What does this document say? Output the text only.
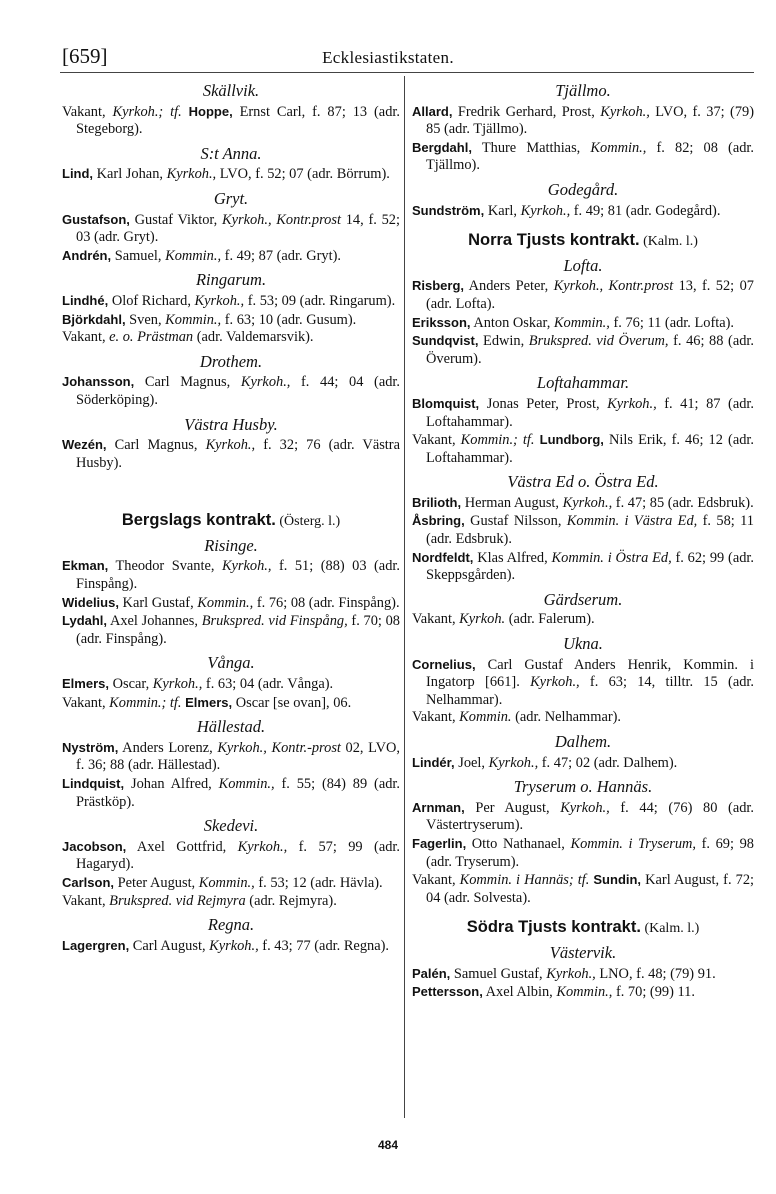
[659]	Ecklesiastikstaten.
Skällvik.

Vakant, Kyrkoh.; tf. Hoppe, Ernst Carl, f. 87; 13 (adr. Stegeborg).

S:t Anna.

Lind, Karl Johan, Kyrkoh., LVO, f. 52; 07 (adr. Börrum).

Gryt.

Gustafson, Gustaf Viktor, Kyrkoh., Kontr.prost 14, f. 52; 03 (adr. Gryt).

Andrén, Samuel, Kommin., f. 49; 87 (adr. Gryt).

Ringarum.

Lindhé, Olof Richard, Kyrkoh., f. 53; 09 (adr. Ringarum).

Björkdahl, Sven, Kommin., f. 63; 10 (adr. Gusum).

Vakant, e. o. Prästman (adr. Valdemarsvik).

Drothem.

Johansson, Carl Magnus, Kyrkoh., f. 44; 04 (adr. Söderköping).

Västra Husby.

Wezén, Carl Magnus, Kyrkoh., f. 32; 76 (adr. Västra Husby).

Bergslags kontrakt. (Österg. l.)
Risinge.

Ekman, Theodor Svante, Kyrkoh., f. 51; (88) 03 (adr. Finspång).

Widelius, Karl Gustaf, Kommin., f. 76; 08 (adr. Finspång).

Lydahl, Axel Johannes, Brukspred. vid Finspång, f. 70; 08 (adr. Finspång).

Vånga.

Elmers, Oscar, Kyrkoh., f. 63; 04 (adr. Vånga).

Vakant, Kommin.; tf. Elmers, Oscar [se ovan], 06.

Hällestad.

Nyström, Anders Lorenz, Kyrkoh., Kontr.-prost 02, LVO, f. 36; 88 (adr. Hällestad).

Lindquist, Johan Alfred, Kommin., f. 55; (84) 89 (adr. Prästköp).

Skedevi.

Jacobson, Axel Gottfrid, Kyrkoh., f. 57; 99 (adr. Hagaryd).

Carlson, Peter August, Kommin., f. 53; 12 (adr. Hävla).

Vakant, Brukspred. vid Rejmyra (adr. Rejmyra).

Regna.

Lagergren, Carl August, Kyrkoh., f. 43; 77 (adr. Regna).

Tjällmo.

Allard, Fredrik Gerhard, Prost, Kyrkoh., LVO, f. 37; (79) 85 (adr. Tjällmo).

Bergdahl, Thure Matthias, Kommin., f. 82; 08 (adr. Tjällmo).

Godegård.

Sundström, Karl, Kyrkoh., f. 49; 81 (adr. Godegård).

Norra Tjusts kontrakt. (Kalm. l.)
Lofta.

Risberg, Anders Peter, Kyrkoh., Kontr.prost 13, f. 52; 07 (adr. Lofta).

Eriksson, Anton Oskar, Kommin., f. 76; 11 (adr. Lofta).

Sundqvist, Edwin, Brukspred. vid Överum, f. 46; 88 (adr. Överum).

Loftahammar.

Blomquist, Jonas Peter, Prost, Kyrkoh., f. 41; 87 (adr. Loftahammar).

Vakant, Kommin.; tf. Lundborg, Nils Erik, f. 46; 12 (adr. Loftahammar).

Västra Ed o. Östra Ed.

Brilioth, Herman August, Kyrkoh., f. 47; 85 (adr. Edsbruk).

Åsbring, Gustaf Nilsson, Kommin. i Västra Ed, f. 58; 11 (adr. Edsbruk).

Nordfeldt, Klas Alfred, Kommin. i Östra Ed, f. 62; 99 (adr. Skeppsgården).

Gärdserum.

Vakant, Kyrkoh. (adr. Falerum).

Ukna.

Cornelius, Carl Gustaf Anders Henrik, Kommin. i Ingatorp [661]. Kyrkoh., f. 63; 14, tilltr. 15 (adr. Nelhammar).

Vakant, Kommin. (adr. Nelhammar).

Dalhem.

Lindér, Joel, Kyrkoh., f. 47; 02 (adr. Dalhem).

Tryserum o. Hannäs.

Arnman, Per August, Kyrkoh., f. 44; (76) 80 (adr. Västertryserum).

Fagerlin, Otto Nathanael, Kommin. i Tryserum, f. 69; 98 (adr. Tryserum).

Vakant, Kommin. i Hannäs; tf. Sundin, Karl August, f. 72; 04 (adr. Solvesta).

Södra Tjusts kontrakt. (Kalm. l.)
Västervik.

Palén, Samuel Gustaf, Kyrkoh., LNO, f. 48; (79) 91.

Pettersson, Axel Albin, Kommin., f. 70; (99) 11.

484
